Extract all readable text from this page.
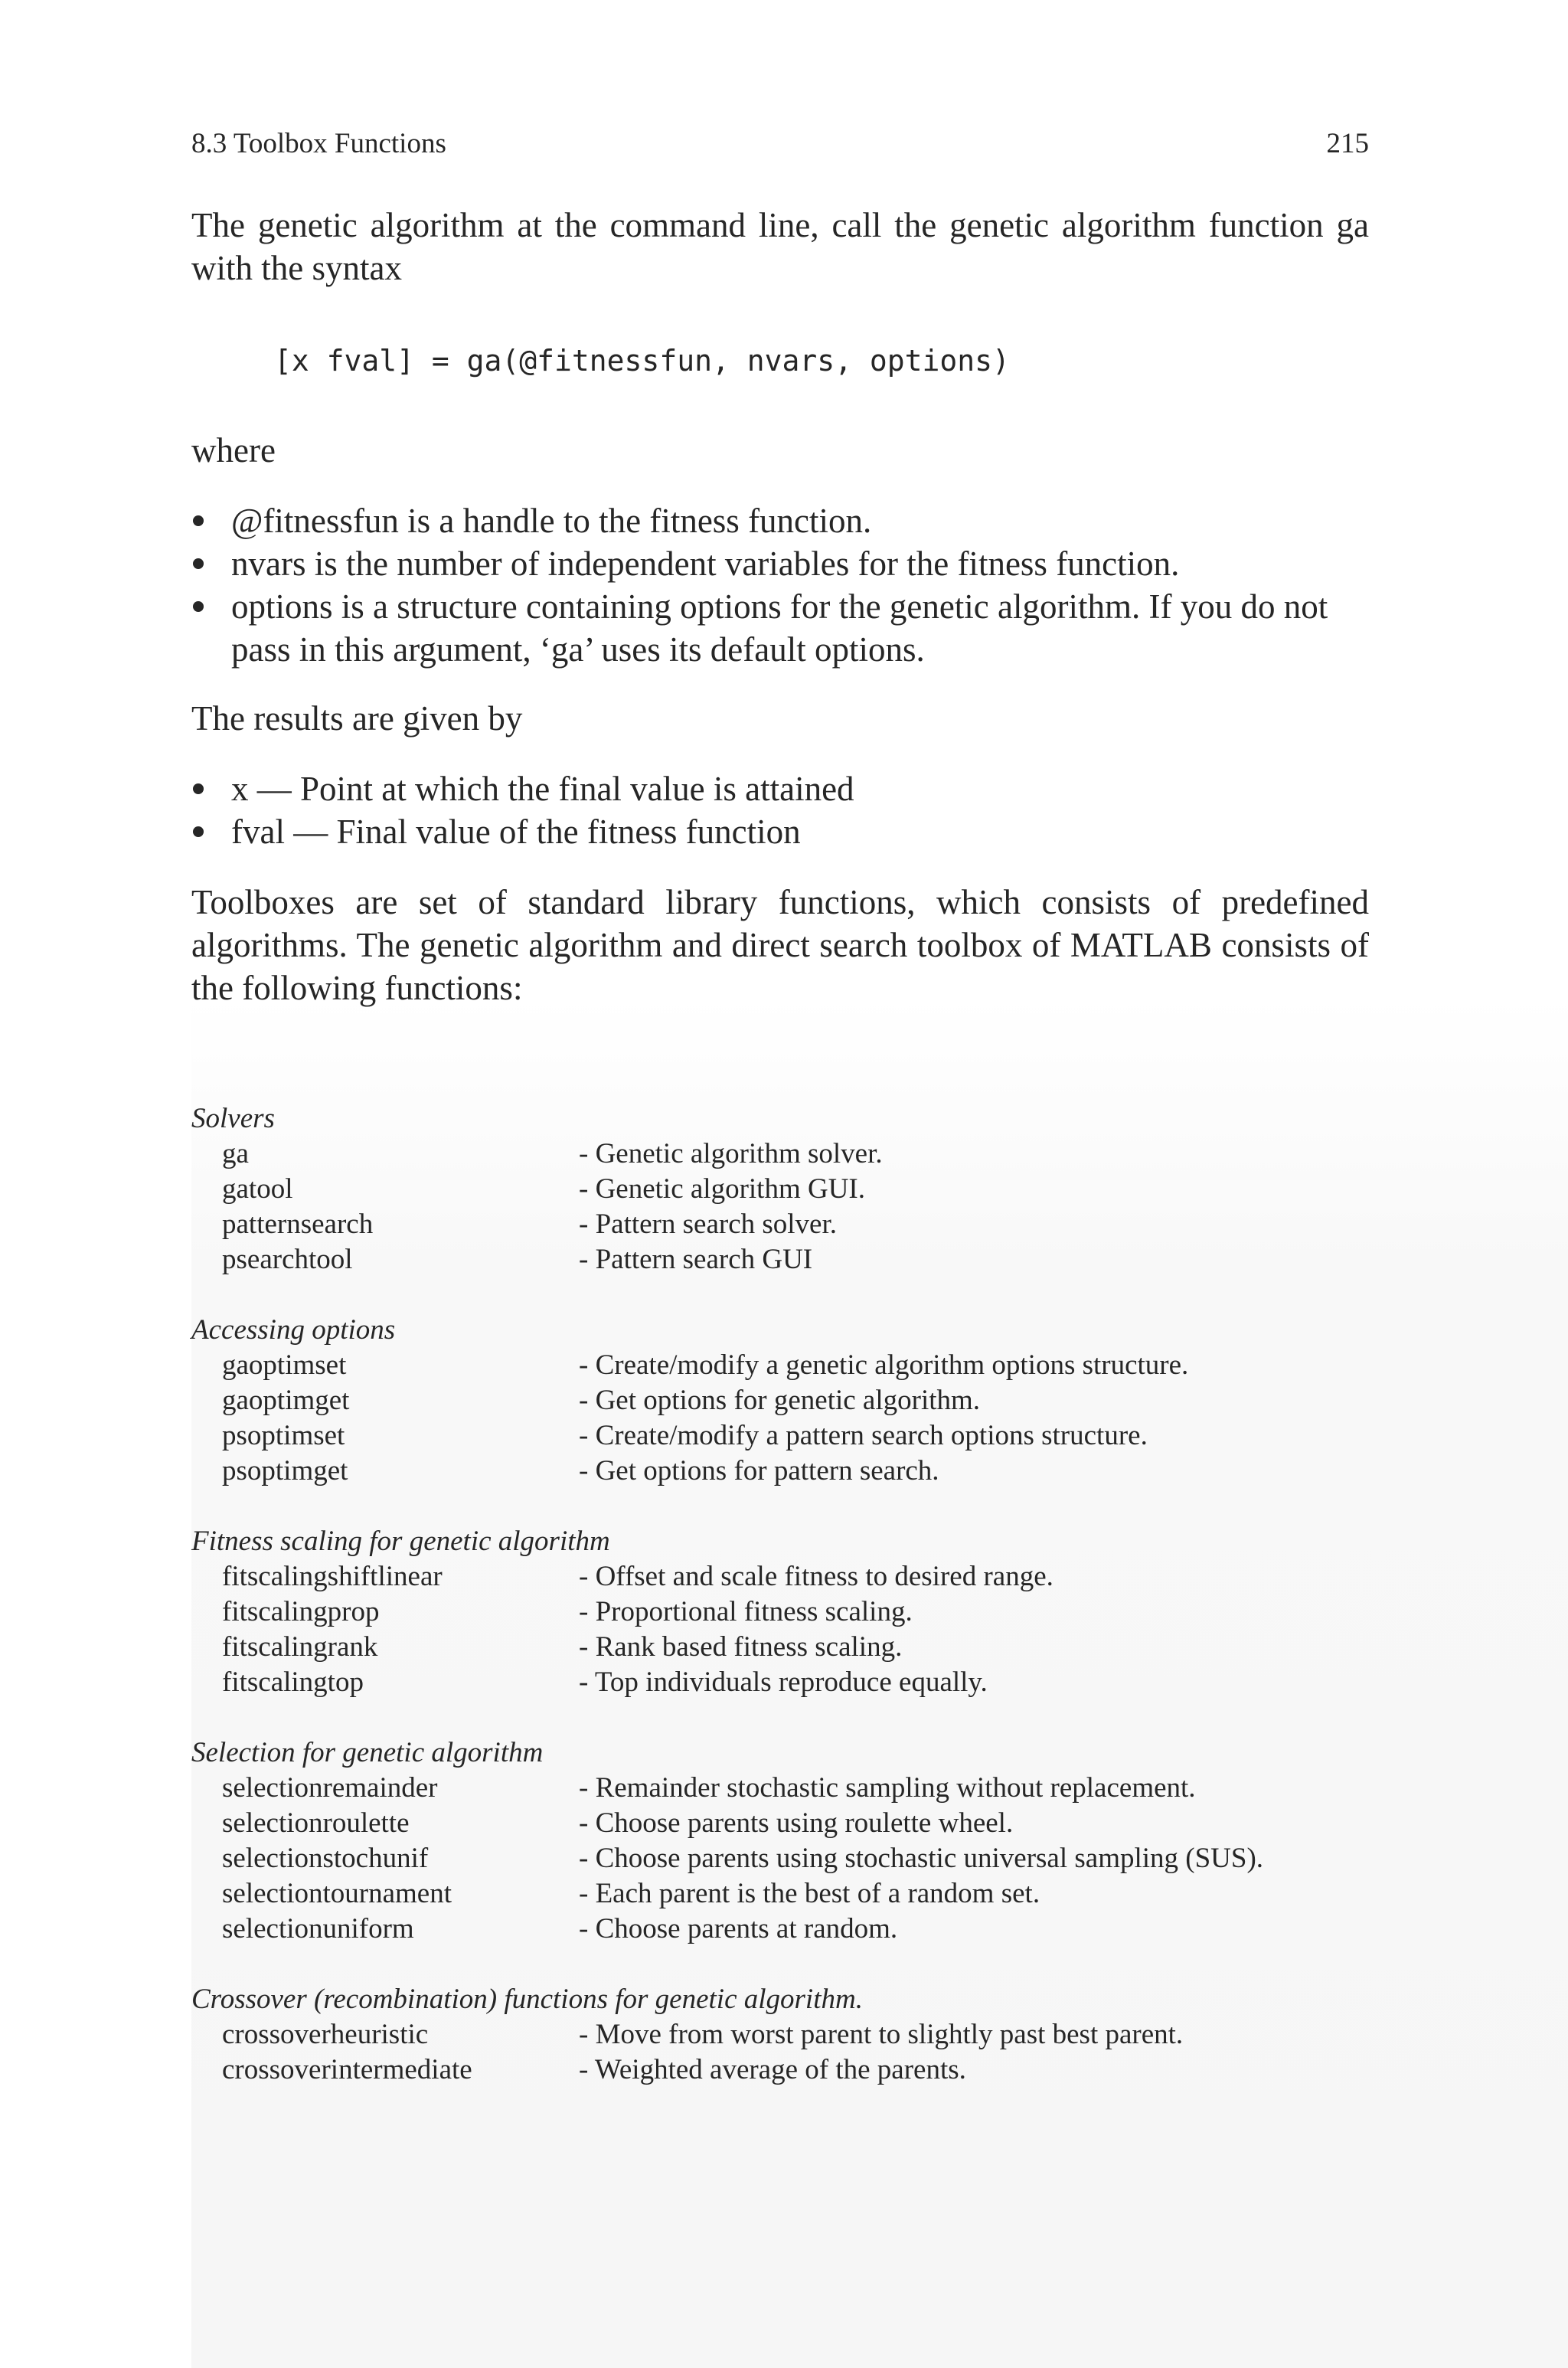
8.3 Toolbox Functions	215

The genetic algorithm at the command line, call the genetic algorithm function ga with the syntax

[x fval] = ga(@fitnessfun, nvars, options)

where

@fitnessfun is a handle to the fitness function.
nvars is the number of independent variables for the fitness function.
options is a structure containing options for the genetic algorithm. If you do not pass in this argument, ‘ga’ uses its default options.

The results are given by

x — Point at which the final value is attained
fval — Final value of the fitness function

Toolboxes are set of standard library functions, which consists of predefined algorithms. The genetic algorithm and direct search toolbox of MATLAB consists of the following functions:

Solvers
ga	- Genetic algorithm solver.
gatool	- Genetic algorithm GUI.
patternsearch	- Pattern search solver.
psearchtool	- Pattern search GUI
Accessing options
gaoptimset	- Create/modify a genetic algorithm options structure.
gaoptimget	- Get options for genetic algorithm.
psoptimset	- Create/modify a pattern search options structure.
psoptimget	- Get options for pattern search.
Fitness scaling for genetic algorithm
fitscalingshiftlinear	- Offset and scale fitness to desired range.
fitscalingprop	- Proportional fitness scaling.
fitscalingrank	- Rank based fitness scaling.
fitscalingtop	- Top individuals reproduce equally.
Selection for genetic algorithm
selectionremainder	- Remainder stochastic sampling without replacement.
selectionroulette	- Choose parents using roulette wheel.
selectionstochunif	- Choose parents using stochastic universal sampling (SUS).
selectiontournament	- Each parent is the best of a random set.
selectionuniform	- Choose parents at random.
Crossover (recombination) functions for genetic algorithm.
crossoverheuristic	- Move from worst parent to slightly past best parent.
crossoverintermediate	- Weighted average of the parents.
